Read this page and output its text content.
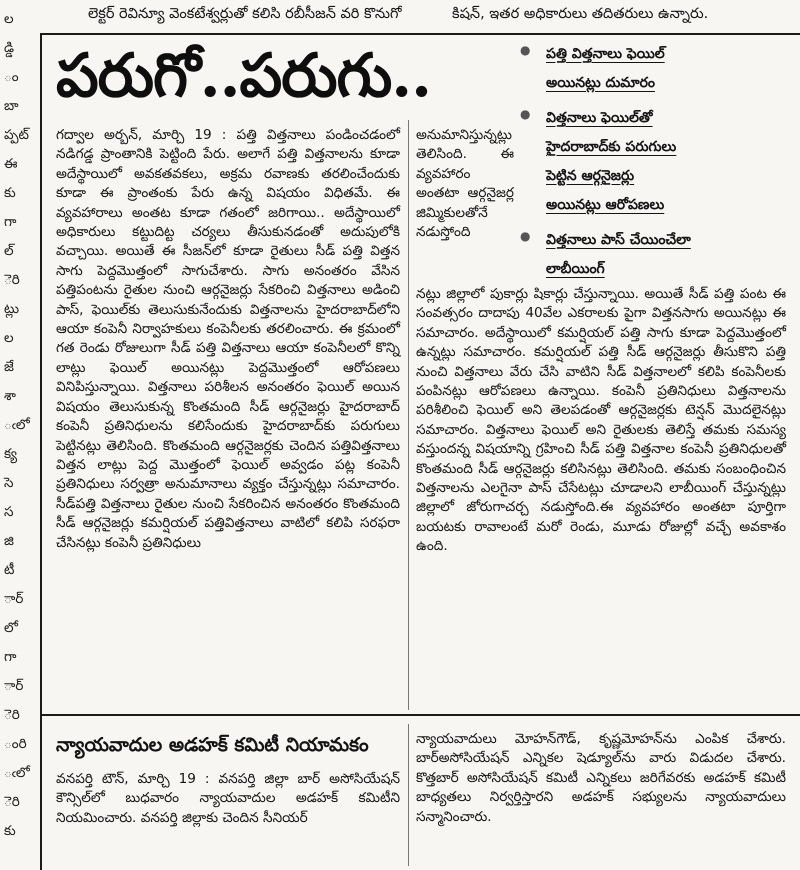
లెక్టర్ రెవిన్యూ వెంకటేశ్వర్లుతో కలిసి రబీసీజన్ వరి కొనుగో	కిషన్, ఇతర అధికారులు తదితరులు ఉన్నారు.
ల
డ్డి
ం
బా
ప్పట్
ఈ
కు
గా
ల్
ెరి
ట్లు
ల
జే
శా
ఁలో
క్య
సె
స
జి
టీ
ార్
లో
గా
ార్
ెరి
ంరి
ఁలో
ెరి
కు
పరుగో..పరుగు..	● పత్తి విత్తనాలు ఫెయిల్
అయినట్లు దుమారం
● విత్తనాలు ఫెయిల్‌తో
హైదరాబాద్‌కు పరుగులు
పెట్టిన ఆర్గనైజర్లు
అయినట్లు ఆరోపణలు
● విత్తనాలు పాస్ చేయించేలా
లాబీయింగ్

గద్వాల అర్బన్, మార్చి 19 : పత్తి విత్తనాలు పండించడంలో నడిగడ్డ ప్రాంతానికి పెట్టింది పేరు. అలాగే పత్తి విత్తనాలను కూడా అదేస్థాయిలో అవకతవకలు, అక్రమ రవాణకు తరలించేందుకు కూడా ఈ ప్రాంతంకు పేరు ఉన్న విషయం విధితమే. ఈ వ్యవహారాలు అంతట కూడా గతంలో జరిగాయి.. అదేస్థాయిలో అధికారులు కట్టుదిట్ట చర్యలు తీసుకునడంతో అదుపులోకి వచ్చాయి. అయితే ఈ సీజన్‌లో కూడా రైతులు సీడ్ పత్తి విత్తన సాగు పెద్దమొత్తంలో సాగుచేశారు. సాగు అనంతరం వేసిన పత్తిపంటను రైతుల నుంచి ఆర్గనైజర్లు సేకరించి విత్తనాలు అడించి పాస్, ఫెయిల్‌కు తెలుసుకునేందుకు విత్తనాలను హైదరాబాద్‌లోని ఆయా కంపెనీ నిర్వాహకులు కంపెనీలకు తరలించారు. ఈ క్రమంలో గత రెండు రోజులుగా సీడ్ పత్తి విత్తనాలు ఆయా కంపెనీలలో కొన్ని లాట్లు ఫెయిల్ అయినట్లు పెద్దమొత్తంలో ఆరోపణలు వినిపిస్తున్నాయి. విత్తనాలు పరిశీలన అనంతరం ఫెయిల్ అయిన విషయం తెలుసుకున్న కొంతమంది సీడ్ ఆర్గనైజర్లు హైదరాబాద్ కంపెనీ ప్రతినిధులను కలిసేందుకు హైదరాబాద్‌కు పరుగులు పెట్టినట్లు తెలిసింది. కొంతమంది ఆర్గనైజర్లకు చెందిన పత్తివిత్తనాలు విత్తన లాట్లు పెద్ద మొత్తంలో ఫెయిల్ అవ్వడం పట్ల కంపెనీ ప్రతినిధులు సర్వత్రా అనుమానాలు వ్యక్తం చేస్తున్నట్లు సమాచారం. సీడ్‌పత్తి విత్తనాలు రైతుల నుంచి సేకరించిన అనంతరం కొంతమంది సీడ్ ఆర్గనైజర్లు కమర్షియల్ పత్తివిత్తనాలు వాటిలో కలిపి సరఫరా చేసినట్లు కంపెనీ ప్రతినిధులు

అనుమానిస్తున్నట్లు తెలిసింది. ఈ వ్యవహారం అంతటా ఆర్గనైజర్ల జిమ్మికులతోనే నడుస్తోంది

నట్లు జిల్లాలో పుకార్లు షికార్లు చేస్తున్నాయి. అయితే సీడ్ పత్తి పంట ఈ సంవత్సరం దాదాపు 40వేల ఎకరాలకు పైగా విత్తనసాగు అయినట్లు ఈ సమాచారం. అదేస్థాయిలో కమర్షియల్ పత్తి సాగు కూడా పెద్దమొత్తంలో ఉన్నట్లు సమాచారం. కమర్షియల్ పత్తి సీడ్ ఆర్గనైజర్లు తీసుకొని పత్తి నుంచి విత్తనాలు వేరు చేసి వాటిని సీడ్ విత్తనాలలో కలిపి కంపెనీలకు పంపినట్లు ఆరోపణలు ఉన్నాయి. కంపెనీ ప్రతినిధులు విత్తనాలను పరిశీలించి ఫెయిల్ అని తెలపడంతో ఆర్గనైజర్లకు టెన్షన్ మొదలైనట్లు సమాచారం. విత్తనాలు ఫెయిల్ అని రైతులకు తెలిస్తే తమకు సమస్య వస్తుందన్న విషయాన్ని గ్రహించి సీడ్ పత్తి విత్తనాల కంపెనీ ప్రతినిధులతో కొంతమంది సీడ్ ఆర్గనైజర్లు కలిసినట్లు తెలిసింది. తమకు సంబంధించిన విత్తనాలను ఎలగైనా పాస్ చేసేటట్లు చూడాలని లాబీయింగ్ చేస్తున్నట్లు జిల్లాలో జోరుగాచర్చ నడుస్తోంది.ఈ వ్యవహారం అంతటా పూర్తిగా బయటకు రావాలంటే మరో రెండు, మూడు రోజుల్లో వచ్చే అవకాశం ఉంది.

న్యాయవాదుల అడహక్ కమిటీ నియామకం

వనపర్తి టౌన్, మార్చి 19 : వనపర్తి జిల్లా బార్ అసోసియేషన్ కౌన్సిల్‌లో బుధవారం న్యాయవాదుల అడహక్ కమిటీని నియమించారు. వనపర్తి జిల్లాకు చెందిన సీనియర్

న్యాయవాదులు మోహన్‌గౌడ్, కృష్ణమోహన్‌ను ఎంపిక చేశారు. బార్‌అసోసియేషన్ ఎన్నికల షెడ్యూల్‌ను వారు విడుదల చేశారు. కొత్తబార్ అసోసియేషన్ కమిటీ ఎన్నికలు జరిగేవరకు అడహక్ కమిటీ బాధ్యతలు నిర్వర్తిస్తారని అడహక్ సభ్యులను న్యాయవాదులు సన్మానించారు.
